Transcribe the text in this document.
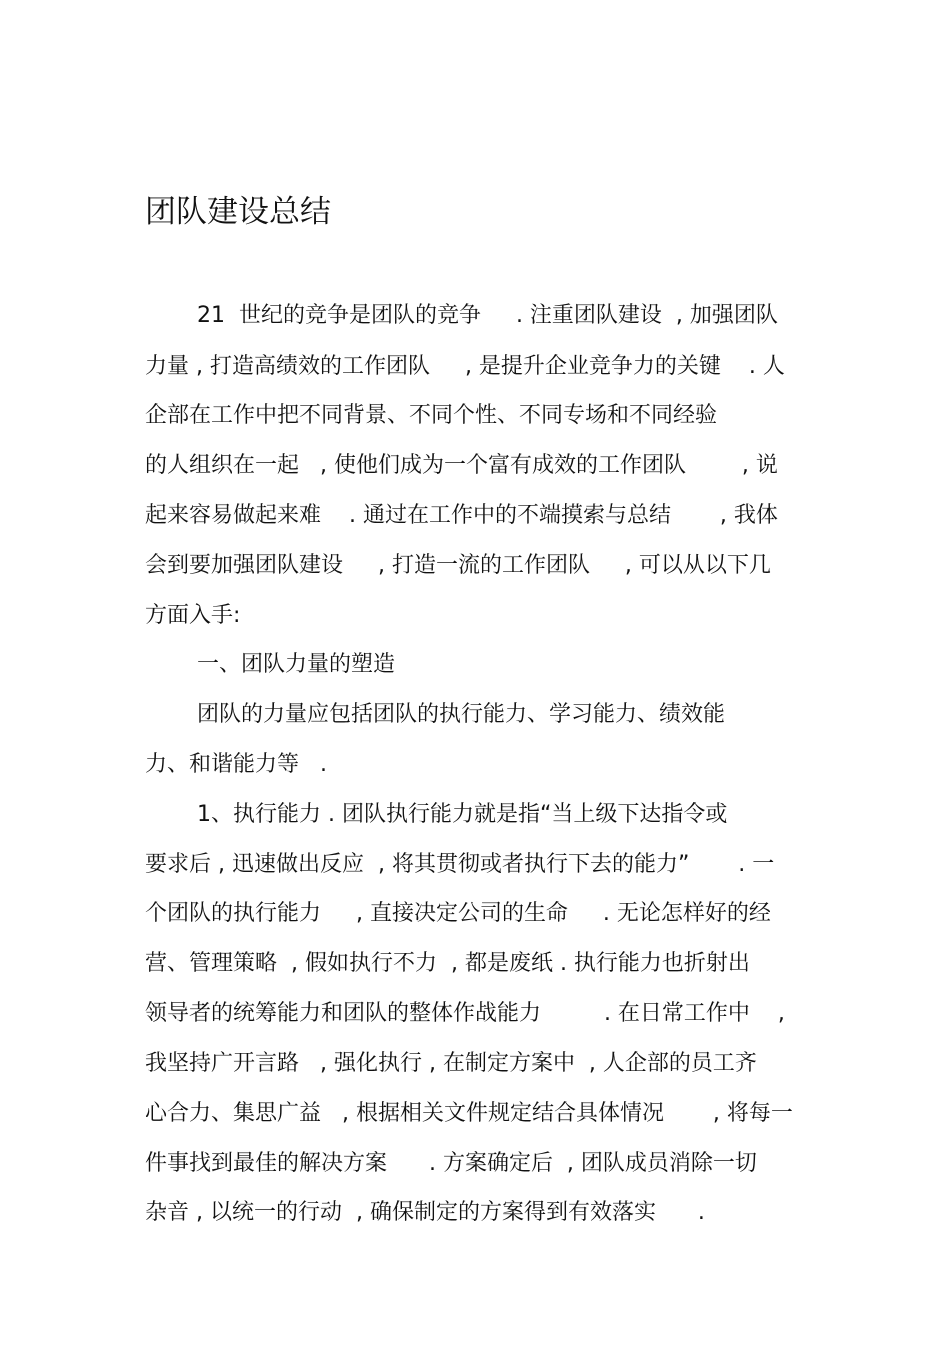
团队建设总结
21  世纪的竞争是团队的竞争     . 注重团队建设  , 加强团队
力量 , 打造高绩效的工作团队     , 是提升企业竞争力的关键    . 人
企部在工作中把不同背景、不同个性、不同专场和不同经验
的人组织在一起   , 使他们成为一个富有成效的工作团队        , 说
起来容易做起来难    . 通过在工作中的不端摸索与总结       , 我体
会到要加强团队建设     , 打造一流的工作团队     , 可以从以下几
方面入手:
一、团队力量的塑造
团队的力量应包括团队的执行能力、学习能力、绩效能
力、和谐能力等   .
1、执行能力 . 团队执行能力就是指“当上级下达指令或
要求后 , 迅速做出反应  , 将其贯彻或者执行下去的能力”       . 一
个团队的执行能力     , 直接决定公司的生命     . 无论怎样好的经
营、管理策略  , 假如执行不力  , 都是废纸 . 执行能力也折射出
领导者的统筹能力和团队的整体作战能力         . 在日常工作中    ,
我坚持广开言路   , 强化执行 , 在制定方案中  , 人企部的员工齐
心合力、集思广益   , 根据相关文件规定结合具体情况       , 将每一
件事找到最佳的解决方案      . 方案确定后  , 团队成员消除一切
杂音 , 以统一的行动  , 确保制定的方案得到有效落实      .
